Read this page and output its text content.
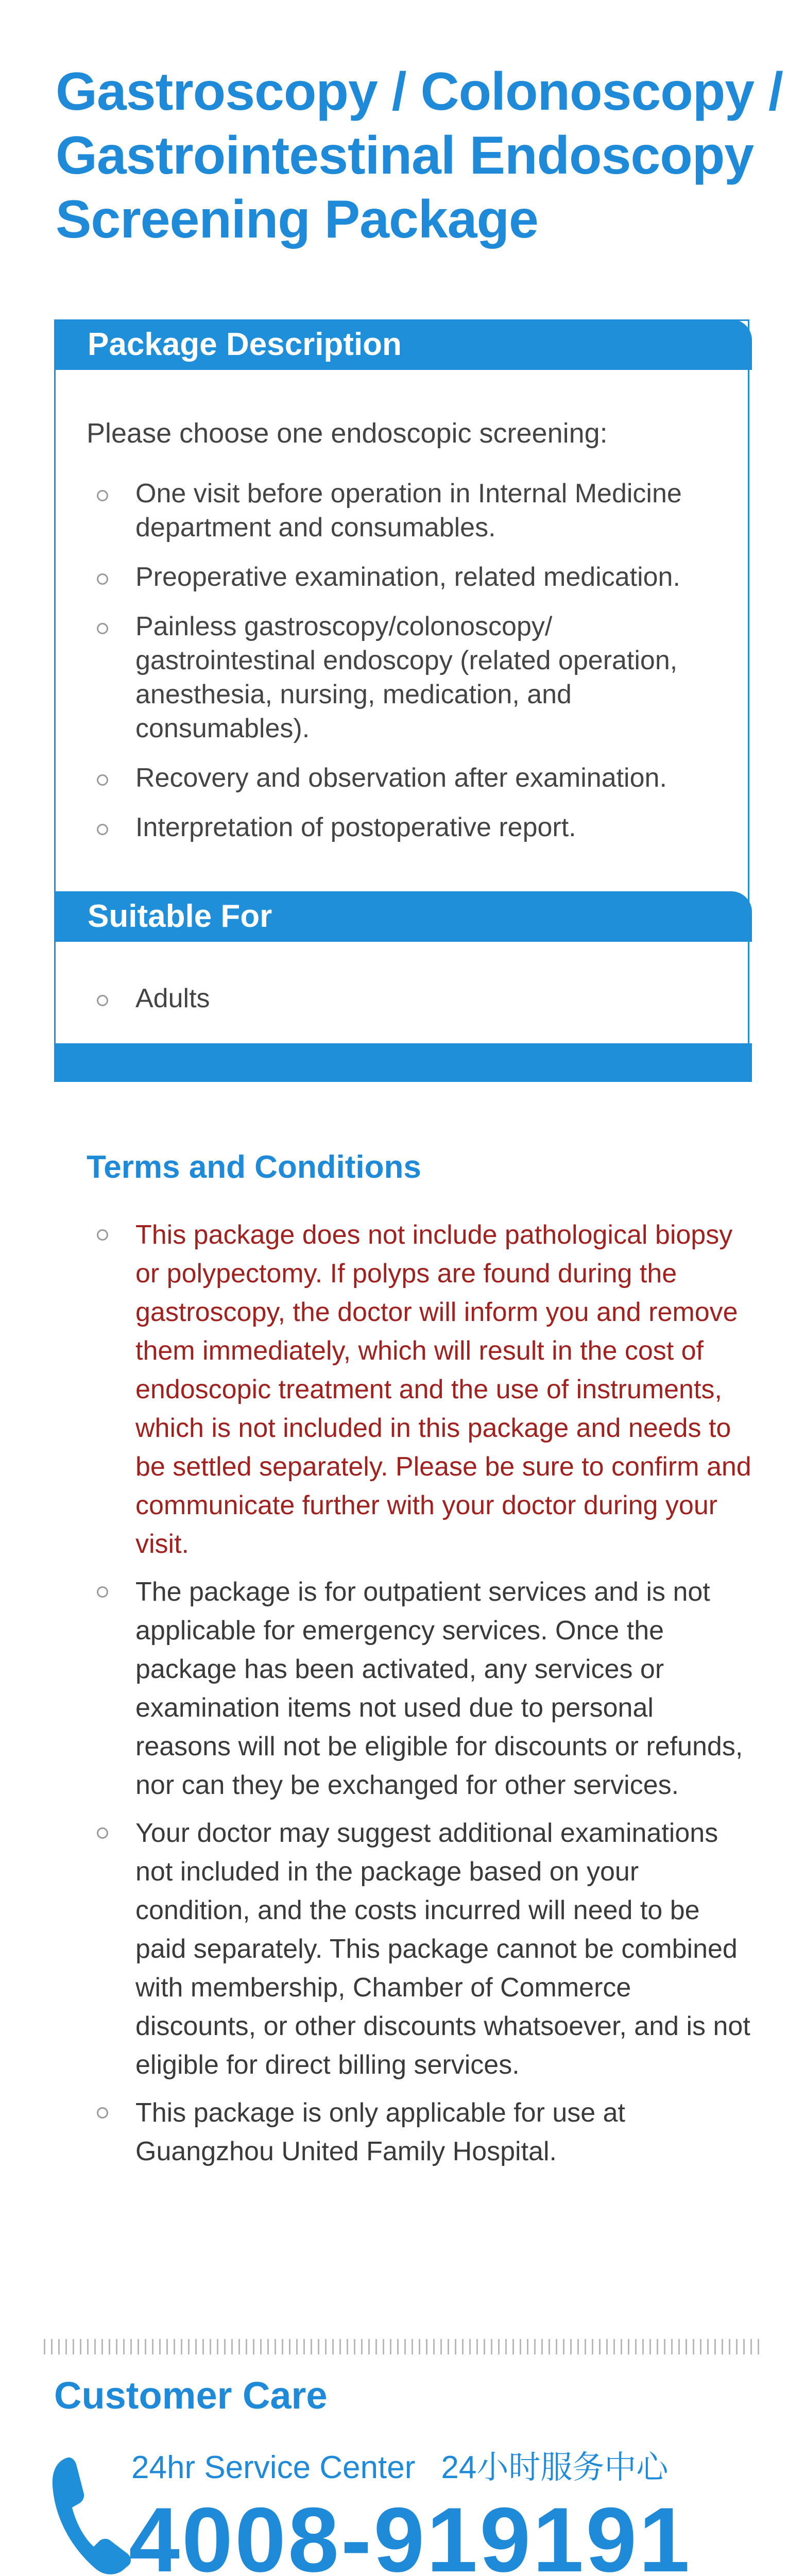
Gastroscopy / Colonoscopy /
Gastrointestinal Endoscopy
Screening Package
Package Description
Please choose one endoscopic screening:
One visit before operation in Internal Medicine department and consumables.
Preoperative examination, related medication.
Painless gastroscopy/colonoscopy/ gastrointestinal endoscopy (related operation, anesthesia, nursing, medication, and consumables).
Recovery and observation after examination.
Interpretation of postoperative report.
Suitable For
Adults
Terms and Conditions
This package does not include pathological biopsy or polypectomy. If polyps are found during the gastroscopy, the doctor will inform you and remove them immediately, which will result in the cost of endoscopic treatment and the use of instruments, which is not included in this package and needs to be settled separately. Please be sure to confirm and communicate further with your doctor during your visit.
The package is for outpatient services and is not applicable for emergency services. Once the package has been activated, any services or examination items not used due to personal reasons will not be eligible for discounts or refunds, nor can they be exchanged for other services.
Your doctor may suggest additional examinations not included in the package based on your condition, and the costs incurred will need to be paid separately. This package cannot be combined with membership, Chamber of Commerce discounts, or other discounts whatsoever, and is not eligible for direct billing services.
This package is only applicable for use at Guangzhou United Family Hospital.
Customer Care
24hr Service Center 24小时服务中心
4008-919191
